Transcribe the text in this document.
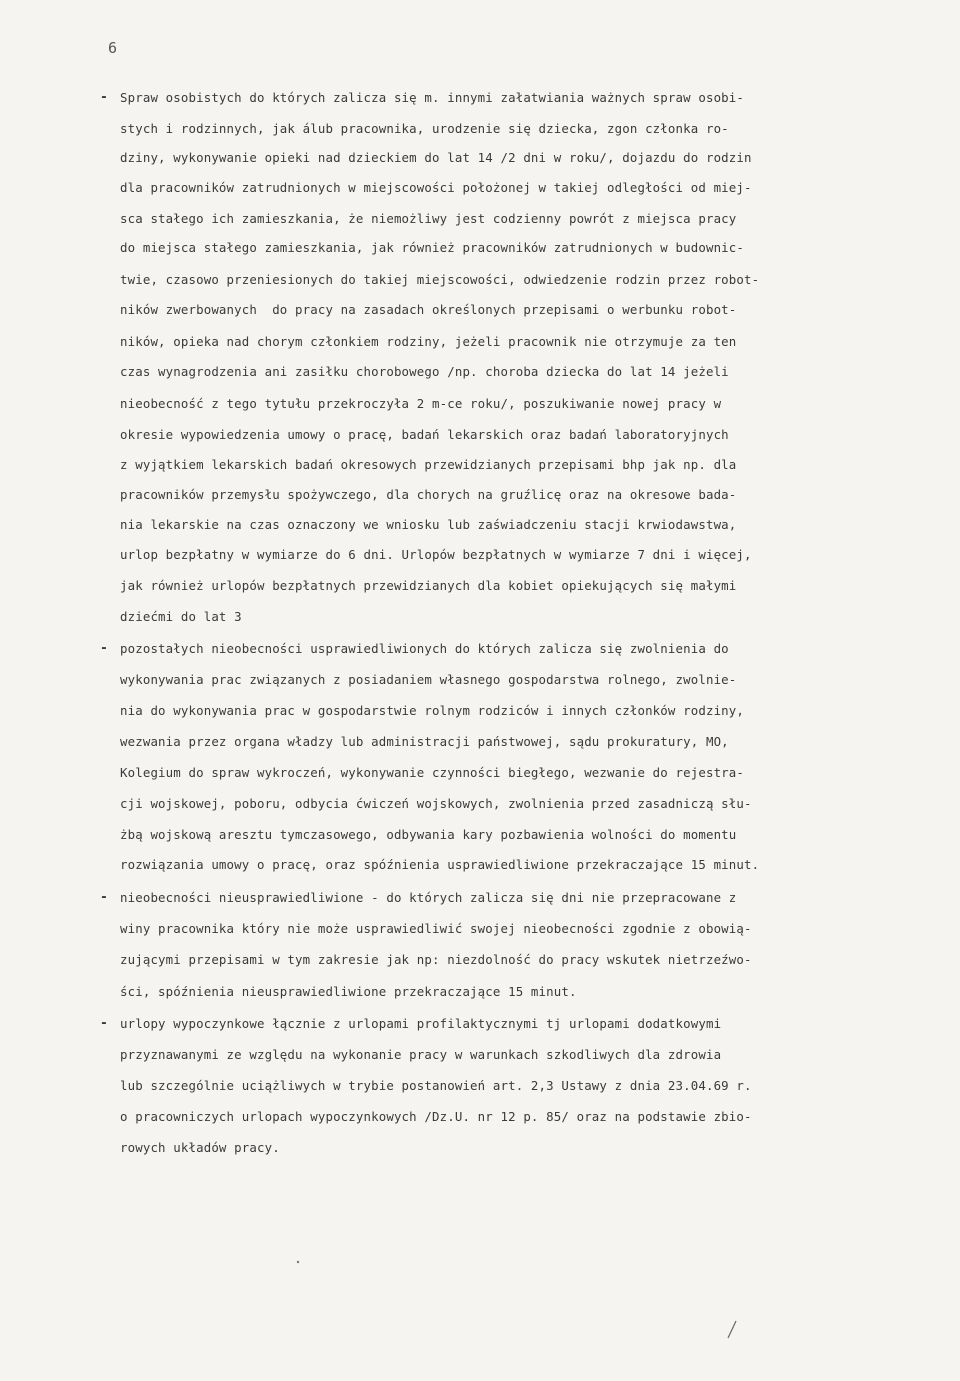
6
- Spraw osobistych do których zalicza się m. innymi załatwiania ważnych spraw osobi-
stych i rodzinnych, jak álub pracownika, urodzenie się dziecka, zgon członka ro-
dziny, wykonywanie opieki nad dzieckiem do lat 14 /2 dni w roku/, dojazdu do rodzin
dla pracowników zatrudnionych w miejscowości położonej w takiej odległości od miej-
sca stałego ich zamieszkania, że niemożliwy jest codzienny powrót z miejsca pracy
do miejsca stałego zamieszkania, jak również pracowników zatrudnionych w budownic-
twie, czasowo przeniesionych do takiej miejscowości, odwiedzenie rodzin przez robot-
ników zwerbowanych  do pracy na zasadach określonych przepisami o werbunku robot-
ników, opieka nad chorym członkiem rodziny, jeżeli pracownik nie otrzymuje za ten
czas wynagrodzenia ani zasiłku chorobowego /np. choroba dziecka do lat 14 jeżeli
nieobecność z tego tytułu przekroczyła 2 m-ce roku/, poszukiwanie nowej pracy w
okresie wypowiedzenia umowy o pracę, badań lekarskich oraz badań laboratoryjnych
z wyjątkiem lekarskich badań okresowych przewidzianych przepisami bhp jak np. dla
pracowników przemysłu spożywczego, dla chorych na gruźlicę oraz na okresowe bada-
nia lekarskie na czas oznaczony we wniosku lub zaświadczeniu stacji krwiodawstwa,
urlop bezpłatny w wymiarze do 6 dni. Urlopów bezpłatnych w wymiarze 7 dni i więcej,
jak również urlopów bezpłatnych przewidzianych dla kobiet opiekujących się małymi
dziećmi do lat 3
- pozostałych nieobecności usprawiedliwionych do których zalicza się zwolnienia do
wykonywania prac związanych z posiadaniem własnego gospodarstwa rolnego, zwolnie-
nia do wykonywania prac w gospodarstwie rolnym rodziców i innych członków rodziny,
wezwania przez organa władzy lub administracji państwowej, sądu prokuratury, MO,
Kolegium do spraw wykroczeń, wykonywanie czynności biegłego, wezwanie do rejestra-
cji wojskowej, poboru, odbycia ćwiczeń wojskowych, zwolnienia przed zasadniczą słu-
żbą wojskową aresztu tymczasowego, odbywania kary pozbawienia wolności do momentu
rozwiązania umowy o pracę, oraz spóźnienia usprawiedliwione przekraczające 15 minut.
- nieobecności nieusprawiedliwione - do których zalicza się dni nie przepracowane z
winy pracownika który nie może usprawiedliwić swojej nieobecności zgodnie z obowią-
zującymi przepisami w tym zakresie jak np: niezdolność do pracy wskutek nietrzeźwo-
ści, spóźnienia nieusprawiedliwione przekraczające 15 minut.
- urlopy wypoczynkowe łącznie z urlopami profilaktycznymi tj urlopami dodatkowymi
przyznawanymi ze względu na wykonanie pracy w warunkach szkodliwych dla zdrowia
lub szczególnie uciążliwych w trybie postanowień art. 2,3 Ustawy z dnia 23.04.69 r.
o pracowniczych urlopach wypoczynkowych /Dz.U. nr 12 p. 85/ oraz na podstawie zbio-
rowych układów pracy.
